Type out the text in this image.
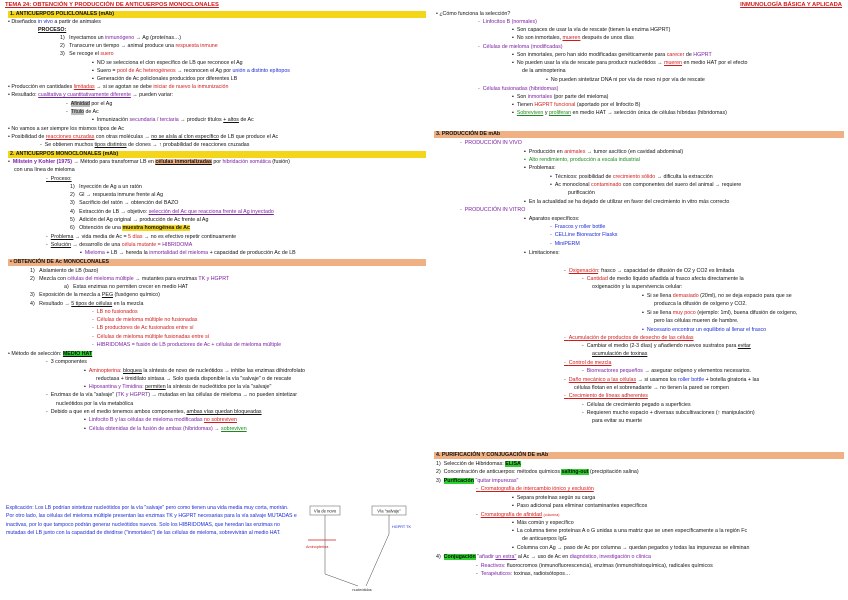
TEMA 24: OBTENCIÓN Y PRODUCCIÓN DE ANTICUERPOS MONOCLONALES	INMUNOLOGÍA BÁSICA Y APLICADA
1. ANTICUERPOS POLICLONALES (mAb)
• Diseñados in vivo a partir de animales
PROCESO:
1) Inyectamos un inmunógeno → Ag (proteínas…)
2) Transcurre un tiempo → animal produce una respuesta inmune
3) Se recoge el suero
▪  NO se selecciona el clon específico de LB que reconoce el Ag
▪  Suero = pool de Ac heterogéneos → reconocen el Ag por unión a distinto epítopos
▪  Generación de Ac policlonales producidos por diferentes LB
• Producción en cantidades limitadas → si se agotan se debe iniciar de nuevo la inmunización
• Resultado: cualitativa y cuantitativamente diferente → pueden variar:
-  Afinidad por el Ag
-  Título de Ac
▪  Inmunización secundaria / terciaria → producir títulos + altos de Ac
• No vamos a ser siempre los mismos tipos de Ac
• Posibilidad de reacciones cruzadas con otras moléculas → no se aísla al clon específico de LB que produce el Ac
-  Se obtienen muchos tipos distintos de clones → ↑ probabilidad de reacciones cruzadas
2. ANTICUERPOS MONOCLONALES (mAb)
•  Milstein y Kohler (1975) → Método para transformar LB en células inmortalizadas por hibridación somática (fusión)
con una línea de mieloma
-  Proceso:
1) Inyección de Ag a un ratón
2) Gl → respuesta inmune frente al Ag
3) Sacrificio del ratón → obtención del BAZO
4) Extracción de LB → objetivo: selección del Ac que reacciona frente al Ag inyectado
5) Adición del Ag original → producción de Ac frente al Ag
6) Obtención de una muestra homogénea de Ac
-  Problema → vida media de Ac = 5 días → no es efectivo repetir continuamente
-  Solución → desarrollo de una célula mutante = HIBRIDOMA
▪  Mieloma + LB → hereda la inmortalidad del mieloma + capacidad de producción Ac de LB
• OBTENCIÓN DE Ac MONOCLONALES
1) Aislamiento de LB (bazo)
2) Mezcla con células del mieloma múltiple → mutantes para enzimas TK y HGPRT
a) Estas enzimas no permiten crecer en medio HAT
3) Exposición de la mezcla a PEG (fusógeno químico)
4) Resultado → 5 tipos de células en la mezcla
-  LB no fusionados
-  Células de mieloma múltiple no fusionadas
-  LB productores de Ac fusionados entre sí
-  Células de mieloma múltiple fusionadas entre sí
-  HIBRIDOMAS = fusión de LB productores de Ac + células de mieloma múltiple
• Método de selección: MEDIO HAT
-  3 componentes
▪  Aminopterina: bloquea la síntesis de novo de nucleótidos → inhibe las enzimas dihidrofolato
reductasa + timidilato sintasa → Solo queda disponible la vía "salvaje" o de rescate
▪  Hipoxantina y Timidina: permiten la síntesis de nucleótidos por la vía "salvaje"
-  Enzimas de la vía "salvaje" (TK y HGPRT) → mutadas en las células de mieloma → no pueden sintetizar
nucleótidos por la vía metabólica
-  Debido a que en el medio tenemos ambos componentes, ambas vías quedan bloqueadas
▪  Linfocito B y las células de mieloma modificadas no sobreviven
▪  Célula obtenidas de la fusión de ambas (híbridomas) → sobreviven
Explicación: Los LB podrían sintetizar nucleótidos por la vía "salvaje" pero como tienen una vida media muy corta, morirán. Por otro lado, las células del mieloma múltiple presentan las enzimas TK y HGPRT necesarias para la vía salvaje MUTADAS e inactivas, por lo que tampoco podrán generar nucleótidos nuevos. Solo los HIBRIDOMAS, que heredan las enzimas no mutadas del LB junto con la capacidad de dividirse ("inmortales") de las células de mieloma, sobrevivirán al medio HAT.
Vía de novo	Vía "salvaje"
Aminopterina
HGPRT TK
nucleótidos
• ¿Cómo funciona la selección?
-  Linfocitos B (normales)
▪  Son capaces de usar la vía de rescate (tienen la enzima HGPRT)
▪  No son inmortales, mueren después de unos días
-  Células de mieloma (modificadas)
▪  Son inmortales, pero han sido modificadas genéticamente para carecer de HGPRT
▪  No pueden usar la vía de rescate para producir nucleótidos → mueren en medio HAT por el efecto
de la aminopterina
•  No pueden sintetizar DNA ni por vía de novo ni por vía de rescate
-  Células fusionadas (hibridomas)
▪  Son inmortales (por parte del mieloma)
▪  Tienen HGPRT funcional (aportado por el linfocito B)
▪  Sobreviven y proliferan en medio HAT → selección única de células híbridas (hibridomas)
3. PRODUCCIÓN DE mAb
-  PRODUCCIÓN IN VIVO
▪  Producción en animales → tumor ascítico (en cavidad abdominal)
▪  Alto rendimiento, producción a escala industrial
▪  Problemas:
•  Técnicos: posibilidad de crecimiento sólido → dificulta la extracción
•  Ac monoclonal contaminado con componentes del suero del animal → requiere
purificación
▪  En la actualidad se ha dejado de utilizar en favor del crecimiento in vitro más correcto
-  PRODUCCIÓN IN VITRO
▪  Aparatos específicos:
-  Frascos y roller bottle
-  CELLine Bioreactor Flasks
-  MiniPERM
▪  Limitaciones:
-  Oxigenación: frasco → capacidad de difusión de O2 y CO2 es limitada
-  Cantidad de medio líquido añadida al frasco afecta directamente la
oxigenación y la supervivencia celular:
▪  Si se llena demasiado (20ml), no se deja espacio para que se
produzca la difusión de oxígeno y CO2.
▪  Si se llena muy poco (ejemplo: 1ml), buena difusión de oxígeno,
pero las células mueren de hambre.
▪  Necesario encontrar un equilibrio al llenar el frasco
-  Acumulación de productos de desecho de las células
-  Cambiar el medio (2-3 días) y añadiendo nuevos sustratos para evitar
acumulación de toxinas
-  Control de mezcla
-  Biorreactores pequeños → asegurar oxígeno y elementos necesarios.
-  Daño mecánico a las células → si usamos los roller bottle + botella giratoria + las
células flotan en el sobrenadante → no tienen la pared se rompen
-  Crecimiento de líneas adherentes
-  Células de crecimiento pegado a superficies
-  Requieren mucho espacio + diversas subcultivaciones (↑ manipulación)
para evitar su muerte
4. PURIFICACIÓN Y CONJUGACIÓN DE mAb
1) Selección de Hibridomas: ELISA
2) Concentración de anticuerpos: métodos químicos salting-out (precipitación salina)
3) Purificación "quitar impurezas"
-  Cromatografía de intercambio iónico y exclusión
▪  Separa proteínas según su carga
▪  Paso adicional para eliminar contaminantes específicos
-  Cromatografía de afinidad (columna)
▪  Más común y específico
▪  La columna tiene proteínas A o G unidas a una matriz que se unen específicamente a la región Fc
de anticuerpos IgG
▪  Columna con Ag → paso de Ac por columna → quedan pegados y todas las impurezas se eliminan
4) Conjugación "añadir un extra" al Ac → uso de Ac en diagnóstico, investigación o clínica
-  Reactivos: fluorocromos (inmunofluorescencia), enzimas (inmunohistoquímica), radicales químicos
-  Terapéuticos: toxinas, radioisótopos…
